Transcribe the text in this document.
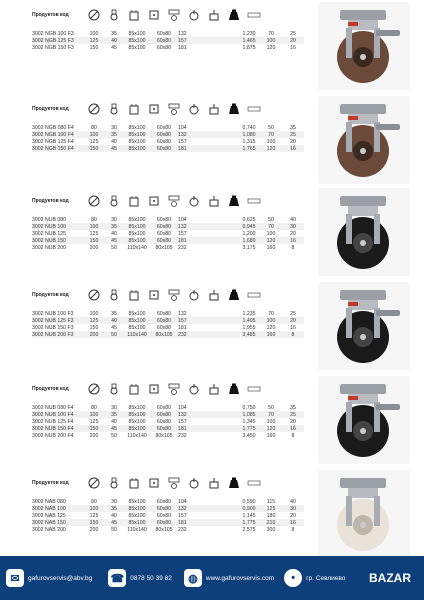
Продуктов код
3002 NGB 100 F3	100	35	85x100	60x80	132	1,230	70	25
3002 NGB 125 F3	125	40	85x100	60x80	157	1,465	100	20
3002 NGB 150 F3	150	45	85x100	60x80	181	1,875	120	16
Продуктов код
3002 NGB 080 F4	80	30	85x100	60x80	104	0,740	50	35
3002 NGB 100 F4	100	35	85x100	60x80	132	1,080	70	25
3002 NGB 125 F4	125	40	85x100	60x80	157	1,315	100	20
3002 NGB 150 F4	150	45	85x100	60x80	181	1,765	120	16
Продуктов код
3002 NUB 080	80	30	85x100	60x80	104	0,625	50	40
3002 NUB 100	100	35	85x100	60x80	132	0,945	70	30
3002 NUB 125	125	40	85x100	60x80	157	1,200	100	20
3002 NUB 150	150	45	85x100	60x80	181	1,680	120	16
3002 NUB 200	200	50	110x140	80x105	232	3,175	160	8
Продуктов код
3002 NUB 100 F3	100	35	85x100	60x80	132	1,235	70	25
3002 NUB 125 F3	125	40	85x100	60x80	157	1,495	100	20
3002 NUB 150 F3	150	45	85x100	60x80	181	1,955	120	16
3002 NUB 200 F3	200	50	110x140	80x105	232	3,485	160	8
Продуктов код
3002 NUB 080 F4	80	30	85x100	60x80	104	0,750	50	35
3002 NUB 100 F4	100	35	85x100	60x80	132	1,085	70	25
3002 NUB 125 F4	125	40	85x100	60x80	157	1,345	100	20
3002 NUB 150 F4	150	45	85x100	60x80	181	1,775	120	16
3002 NUB 200 F4	200	50	110x140	80x105	232	3,450	160	8
Продуктов код
3002 NAB 080	80	30	85x100	60x80	104	0,590	115	40
3002 NAB 100	100	35	85x100	60x80	132	0,900	125	30
3002 NAB 125	125	40	85x100	60x80	157	1,145	180	20
3002 NAB 150	150	45	85x100	60x80	181	1,775	210	16
3002 NAB 200	200	50	110x140	80x105	232	2,575	300	8
✉	gafurovservis@abv.bg ☎ 0878 50 39 82	◍	www.gafurovservis.com	•	гр. Севлиево	BAZAR
